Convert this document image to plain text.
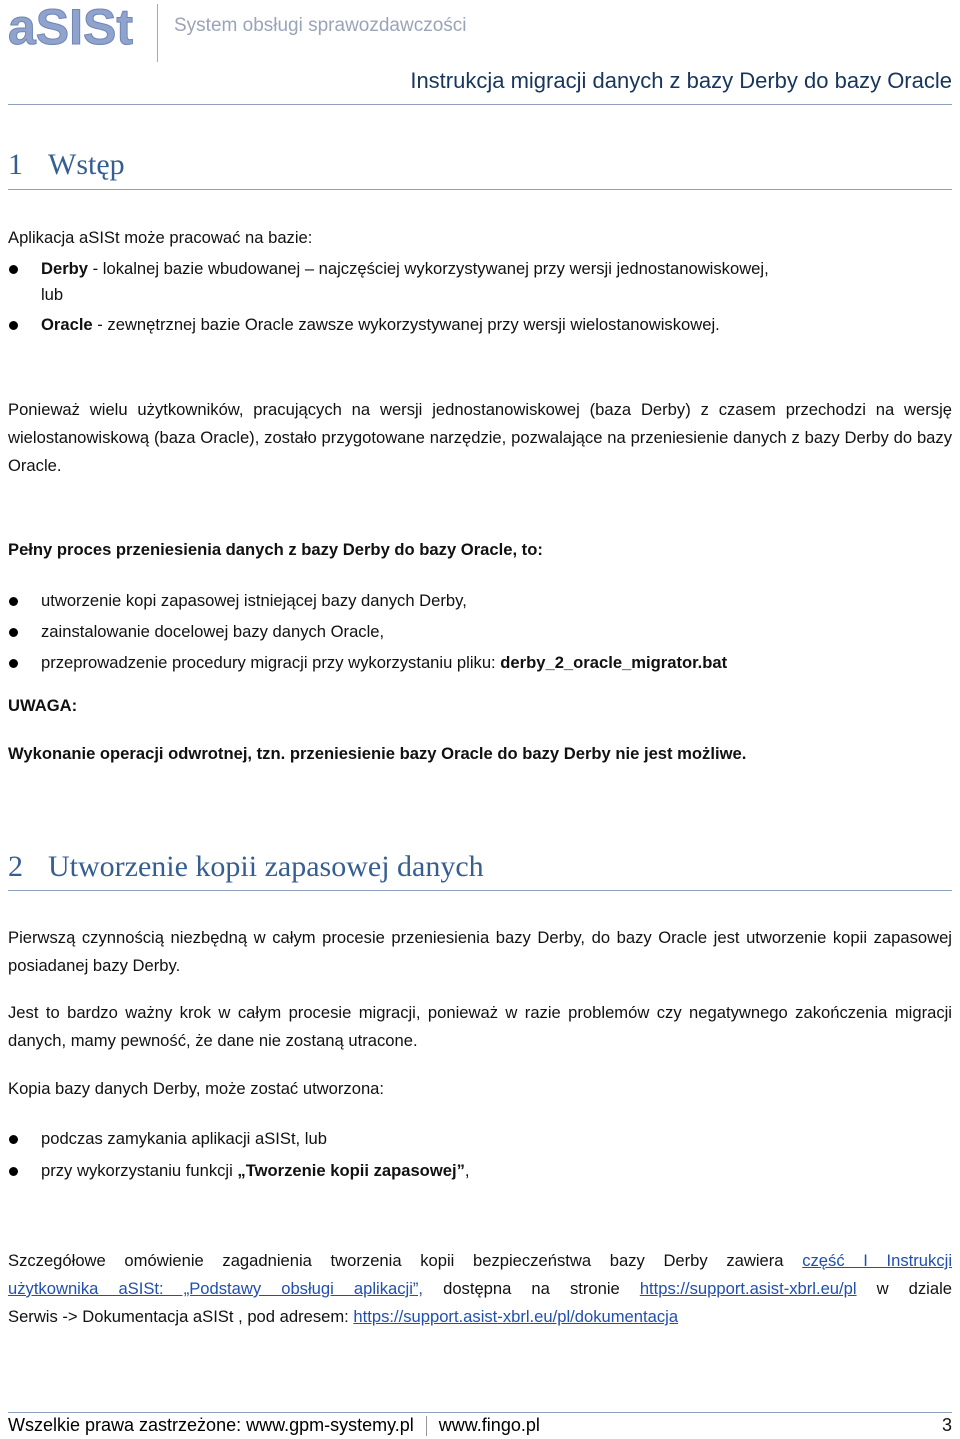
aSISt System obsługi sprawozdawczości
Instrukcja migracji danych z bazy Derby do bazy Oracle
1 Wstęp
Aplikacja aSISt może pracować na bazie:
Derby - lokalnej bazie wbudowanej – najczęściej wykorzystywanej przy wersji jednostanowiskowej,
lub
Oracle - zewnętrznej bazie Oracle zawsze wykorzystywanej przy wersji wielostanowiskowej.
Ponieważ wielu użytkowników, pracujących na wersji jednostanowiskowej (baza Derby) z czasem przechodzi na wersję wielostanowiskową (baza Oracle), zostało przygotowane narzędzie, pozwalające na przeniesienie danych z bazy Derby do bazy Oracle.
Pełny proces przeniesienia danych z bazy Derby do bazy Oracle, to:
utworzenie kopi zapasowej istniejącej bazy danych Derby,
zainstalowanie docelowej bazy danych Oracle,
przeprowadzenie procedury migracji przy wykorzystaniu pliku: derby_2_oracle_migrator.bat
UWAGA:
Wykonanie operacji odwrotnej, tzn. przeniesienie bazy Oracle do bazy Derby nie jest możliwe.
2 Utworzenie kopii zapasowej danych
Pierwszą czynnością niezbędną w całym procesie przeniesienia bazy Derby, do bazy Oracle jest utworzenie kopii zapasowej posiadanej bazy Derby.
Jest to bardzo ważny krok w całym procesie migracji, ponieważ w razie problemów czy negatywnego zakończenia migracji danych, mamy pewność, że dane nie zostaną utracone.
Kopia bazy danych Derby, może zostać utworzona:
podczas zamykania aplikacji aSISt, lub
przy wykorzystaniu funkcji „Tworzenie kopii zapasowej”,
Szczegółowe omówienie zagadnienia tworzenia kopii bezpieczeństwa bazy Derby zawiera część I Instrukcji
użytkownika aSISt: „Podstawy obsługi aplikacji”, dostępna na stronie https://support.asist-xbrl.eu/pl w dziale
Serwis -> Dokumentacja aSISt , pod adresem: https://support.asist-xbrl.eu/pl/dokumentacja
Wszelkie prawa zastrzeżone: www.gpm-systemy.pl www.fingo.pl	3
